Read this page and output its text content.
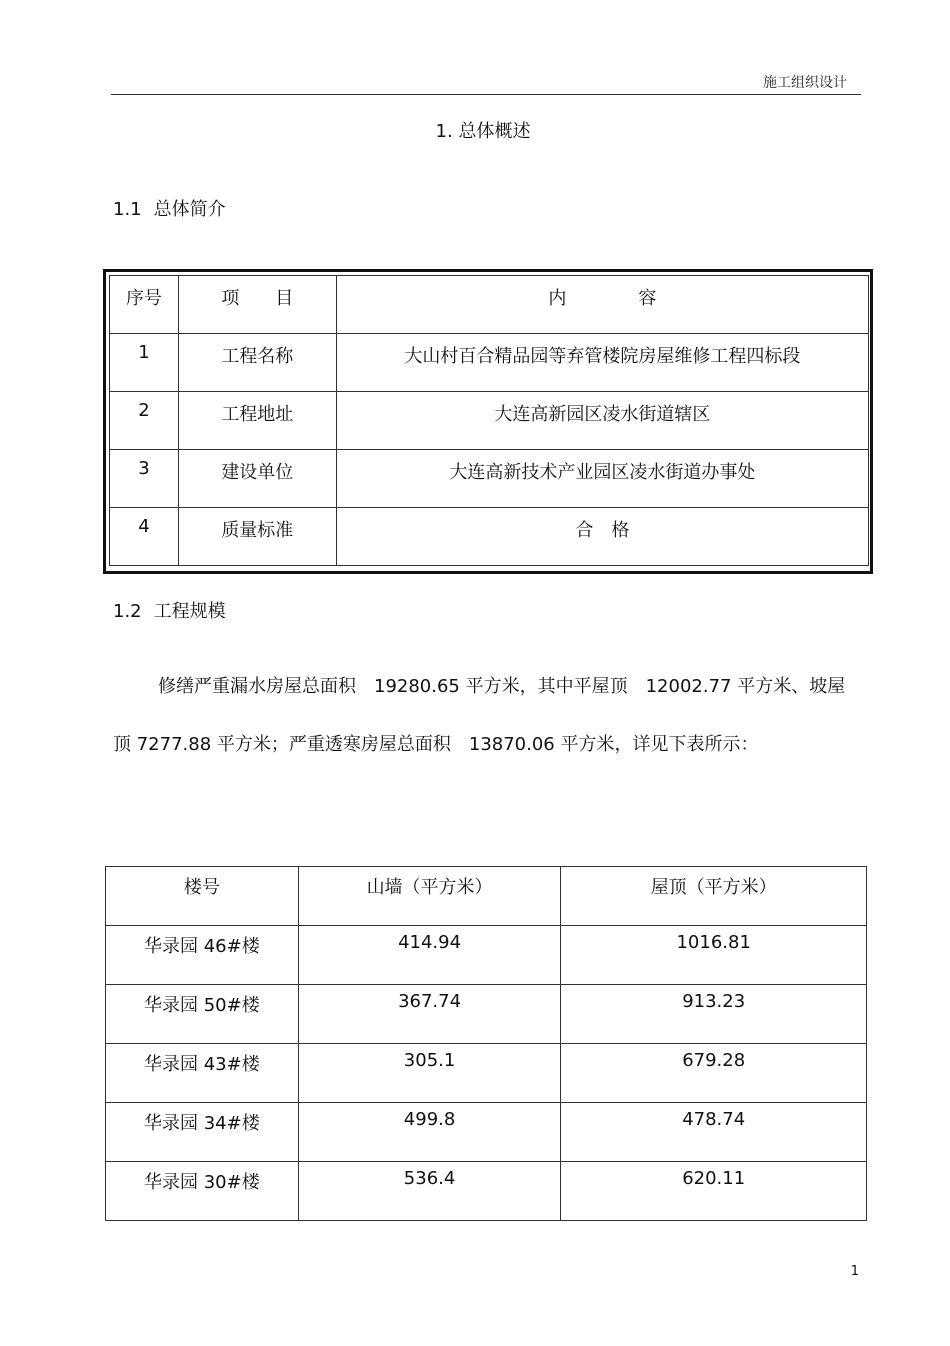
施工组织设计
1. 总体概述
1.1 总体简介
序号	项　　目	内　　　　容
1	工程名称	大山村百合精品园等弃管楼院房屋维修工程四标段
2	工程地址	大连高新园区凌水街道辖区
3	建设单位	大连高新技术产业园区凌水街道办事处
4	质量标准	合　格
1.2 工程规模
修缮严重漏水房屋总面积　19280.65 平方米，其中平屋顶　12002.77 平方米、坡屋顶 7277.88 平方米；严重透寒房屋总面积　13870.06 平方米，详见下表所示：
楼号	山墙（平方米）	屋顶（平方米）
华录园 46#楼	414.94	1016.81
华录园 50#楼	367.74	913.23
华录园 43#楼	305.1	679.28
华录园 34#楼	499.8	478.74
华录园 30#楼	536.4	620.11
1
